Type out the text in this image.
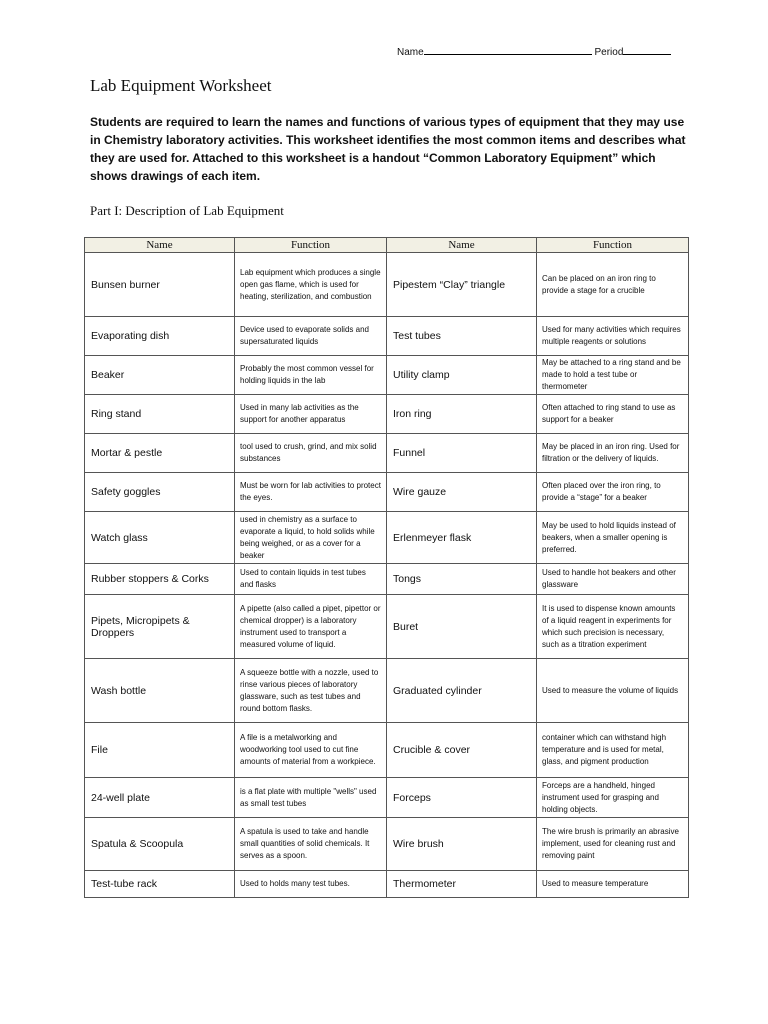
Name	Period
Lab Equipment Worksheet
Students are required to learn the names and functions of various types of equipment that they may use in Chemistry laboratory activities. This worksheet identifies the most common items and describes what they are used for. Attached to this worksheet is a handout “Common Laboratory Equipment” which shows drawings of each item.
Part I: Description of Lab Equipment
Name	Function	Name	Function
Bunsen burner	Lab equipment which produces a single open gas flame, which is used for heating, sterilization, and combustion	Pipestem “Clay” triangle	Can be placed on an iron ring to provide a stage for a crucible
Evaporating dish	Device used to evaporate solids and supersaturated liquids	Test tubes	Used for many activities which requires multiple reagents or solutions
Beaker	Probably the most common vessel for holding liquids in the lab	Utility clamp	May be attached to a ring stand and be made to hold a test tube or thermometer
Ring stand	Used in many lab activities as the support for another apparatus	Iron ring	Often attached to ring stand to use as support for a beaker
Mortar & pestle	tool used to crush, grind, and mix solid substances	Funnel	May be placed in an iron ring. Used for filtration or the delivery of liquids.
Safety goggles	Must be worn for lab activities to protect the eyes.	Wire gauze	Often placed over the iron ring, to provide a “stage” for a beaker
Watch glass	used in chemistry as a surface to evaporate a liquid, to hold solids while being weighed, or as a cover for a beaker	Erlenmeyer flask	May be used to hold liquids instead of beakers, when a smaller opening is preferred.
Rubber stoppers & Corks	Used to contain liquids in test tubes and flasks	Tongs	Used to handle hot beakers and other glassware
Pipets, Micropipets & Droppers	A pipette (also called a pipet, pipettor or chemical dropper) is a laboratory instrument used to transport a measured volume of liquid.	Buret	It is used to dispense known amounts of a liquid reagent in experiments for which such precision is necessary, such as a titration experiment
Wash bottle	A squeeze bottle with a nozzle, used to rinse various pieces of laboratory glassware, such as test tubes and round bottom flasks.	Graduated cylinder	Used to measure the volume of liquids
File	A file is a metalworking and woodworking tool used to cut fine amounts of material from a workpiece.	Crucible & cover	container which can withstand high temperature and is used for metal, glass, and pigment production
24-well plate	is a flat plate with multiple "wells" used as small test tubes	Forceps	Forceps are a handheld, hinged instrument used for grasping and holding objects.
Spatula & Scoopula	A spatula is used to take and handle small quantities of solid chemicals. It serves as a spoon.	Wire brush	The wire brush is primarily an abrasive implement, used for cleaning rust and removing paint
Test-tube rack	Used to holds many test tubes.	Thermometer	Used to measure temperature
